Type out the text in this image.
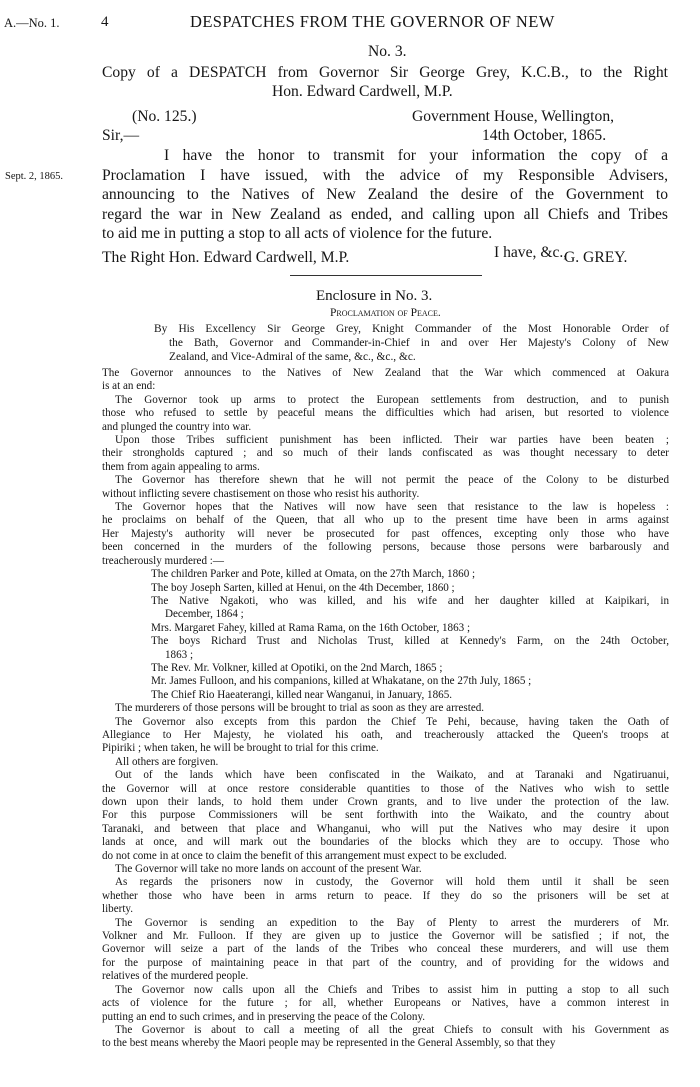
A.—No. 1.	4	DESPATCHES FROM THE GOVERNOR OF NEW
No. 3.
Copy of a DESPATCH from Governor Sir George Grey, K.C.B., to the Right
Hon. Edward Cardwell, M.P.
(No. 125.)	Government House, Wellington,
Sir,—	14th October, 1865.
Sept. 2, 1865.
I have the honor to transmit for your information the copy of a
Proclamation I have issued, with the advice of my Responsible Advisers,
announcing to the Natives of New Zealand the desire of the Government to
regard the war in New Zealand as ended, and calling upon all Chiefs and Tribes
to aid me in putting a stop to all acts of violence for the future.
I have, &c.,
The Right Hon. Edward Cardwell, M.P.	G. GREY.
Enclosure in No. 3.
Proclamation of Peace.
By His Excellency Sir George Grey, Knight Commander of the Most Honorable Order of
the Bath, Governor and Commander-in-Chief in and over Her Majesty's Colony of New
Zealand, and Vice-Admiral of the same, &c., &c., &c.
The Governor announces to the Natives of New Zealand that the War which commenced at Oakura
is at an end:
The Governor took up arms to protect the European settlements from destruction, and to punish
those who refused to settle by peaceful means the difficulties which had arisen, but resorted to violence
and plunged the country into war.
Upon those Tribes sufficient punishment has been inflicted. Their war parties have been beaten ;
their strongholds captured ; and so much of their lands confiscated as was thought necessary to deter
them from again appealing to arms.
The Governor has therefore shewn that he will not permit the peace of the Colony to be disturbed
without inflicting severe chastisement on those who resist his authority.
The Governor hopes that the Natives will now have seen that resistance to the law is hopeless :
he proclaims on behalf of the Queen, that all who up to the present time have been in arms against
Her Majesty's authority will never be prosecuted for past offences, excepting only those who have
been concerned in the murders of the following persons, because those persons were barbarously and
treacherously murdered :—
The children Parker and Pote, killed at Omata, on the 27th March, 1860 ;
The boy Joseph Sarten, killed at Henui, on the 4th December, 1860 ;
The Native Ngakoti, who was killed, and his wife and her daughter killed at Kaipikari, in
December, 1864 ;
Mrs. Margaret Fahey, killed at Rama Rama, on the 16th October, 1863 ;
The boys Richard Trust and Nicholas Trust, killed at Kennedy's Farm, on the 24th October,
1863 ;
The Rev. Mr. Volkner, killed at Opotiki, on the 2nd March, 1865 ;
Mr. James Fulloon, and his companions, killed at Whakatane, on the 27th July, 1865 ;
The Chief Rio Haeaterangi, killed near Wanganui, in January, 1865.
The murderers of those persons will be brought to trial as soon as they are arrested.
The Governor also excepts from this pardon the Chief Te Pehi, because, having taken the Oath of
Allegiance to Her Majesty, he violated his oath, and treacherously attacked the Queen's troops at
Pipiriki ; when taken, he will be brought to trial for this crime.
All others are forgiven.
Out of the lands which have been confiscated in the Waikato, and at Taranaki and Ngatiruanui,
the Governor will at once restore considerable quantities to those of the Natives who wish to settle
down upon their lands, to hold them under Crown grants, and to live under the protection of the law.
For this purpose Commissioners will be sent forthwith into the Waikato, and the country about
Taranaki, and between that place and Whanganui, who will put the Natives who may desire it upon
lands at once, and will mark out the boundaries of the blocks which they are to occupy. Those who
do not come in at once to claim the benefit of this arrangement must expect to be excluded.
The Governor will take no more lands on account of the present War.
As regards the prisoners now in custody, the Governor will hold them until it shall be seen
whether those who have been in arms return to peace. If they do so the prisoners will be set at
liberty.
The Governor is sending an expedition to the Bay of Plenty to arrest the murderers of Mr.
Volkner and Mr. Fulloon. If they are given up to justice the Governor will be satisfied ; if not, the
Governor will seize a part of the lands of the Tribes who conceal these murderers, and will use them
for the purpose of maintaining peace in that part of the country, and of providing for the widows and
relatives of the murdered people.
The Governor now calls upon all the Chiefs and Tribes to assist him in putting a stop to all such
acts of violence for the future ; for all, whether Europeans or Natives, have a common interest in
putting an end to such crimes, and in preserving the peace of the Colony.
The Governor is about to call a meeting of all the great Chiefs to consult with his Government as
to the best means whereby the Maori people may be represented in the General Assembly, so that they
